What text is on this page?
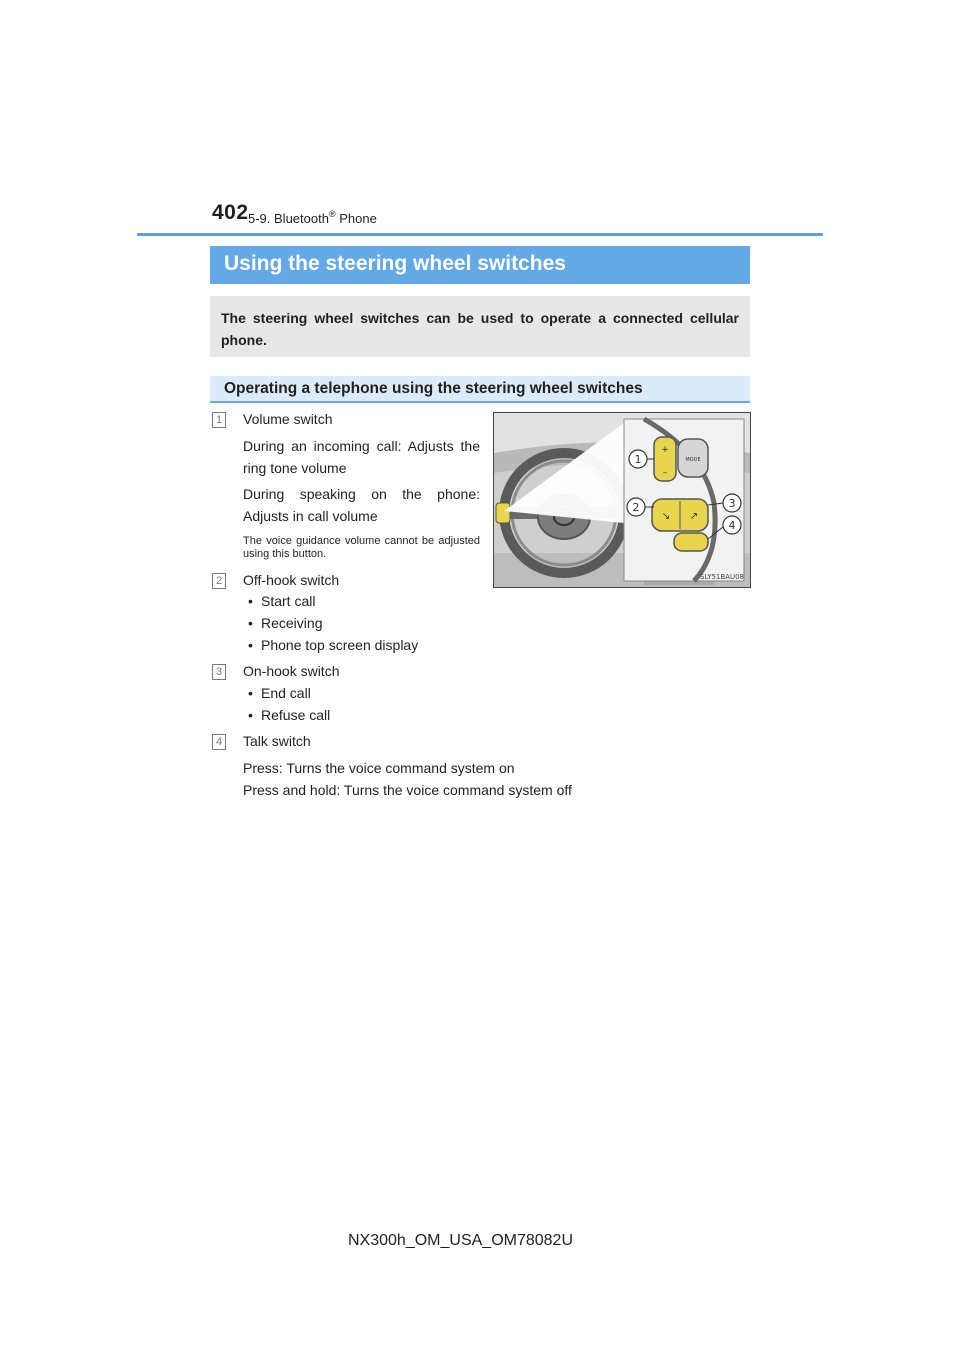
402 5-9. Bluetooth® Phone
Using the steering wheel switches
The steering wheel switches can be used to operate a connected cellular phone.
Operating a telephone using the steering wheel switches
1 Volume switch
During an incoming call: Adjusts the ring tone volume
During speaking on the phone: Adjusts in call volume
The voice guidance volume cannot be adjusted using this button.
2 Off-hook switch
• Start call
• Receiving
• Phone top screen display
3 On-hook switch
• End call
• Refuse call
4 Talk switch
Press: Turns the voice command system on
Press and hold: Turns the voice command system off
+
–
MODE
↘ ↗
1
2	3
4
SLY51BAU08
NX300h_OM_USA_OM78082U
